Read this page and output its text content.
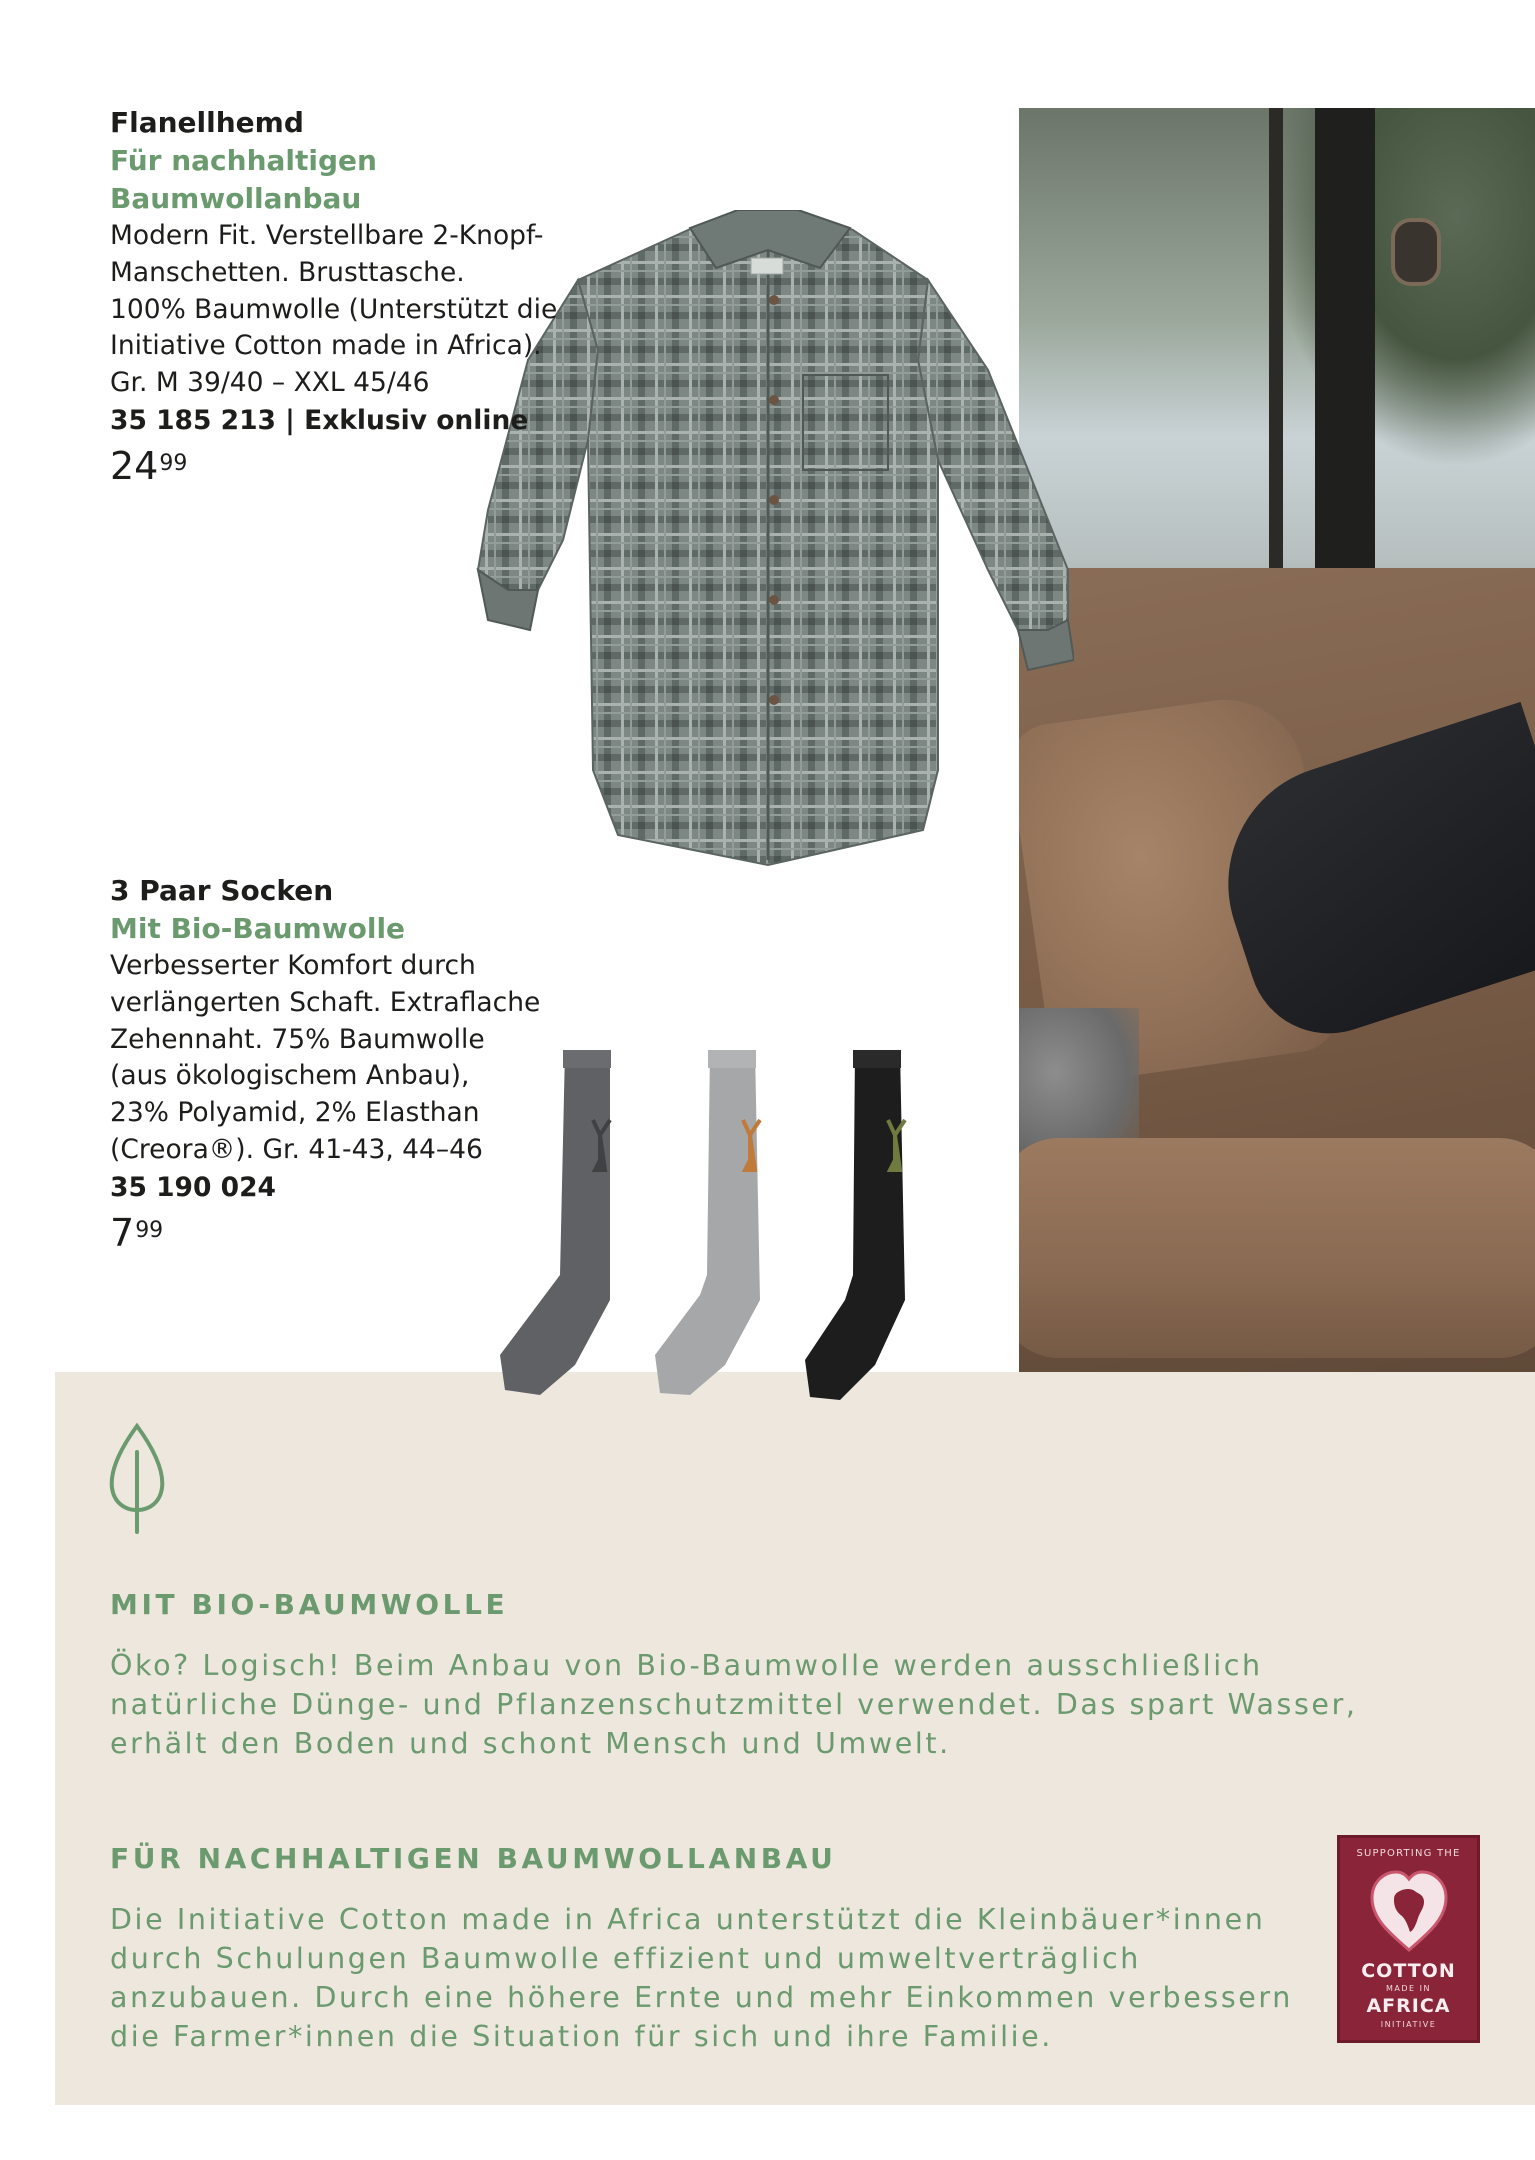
Flanellhemd
Für nachhaltigen Baumwollanbau
Modern Fit. Verstellbare 2-Knopf-
Manschetten. Brusttasche.
100% Baumwolle (Unterstützt die
Initiative Cotton made in Africa).
Gr. M 39/40 – XXL 45/46
35 185 213 | Exklusiv online
$24^{99}$
3 Paar Socken
Mit Bio-Baumwolle
Verbesserter Komfort durch
verlängerten Schaft. Extraflache
Zehennaht. 75% Baumwolle
(aus ökologischem Anbau),
23% Polyamid, 2% Elasthan
(Creora®). Gr. 41-43, 44–46
35 190 024
$7^{99}$
MIT BIO-BAUMWOLLE
Öko? Logisch! Beim Anbau von Bio-Baumwolle werden ausschließlich
natürliche Dünge- und Pflanzenschutzmittel verwendet. Das spart Wasser,
erhält den Boden und schont Mensch und Umwelt.
FÜR NACHHALTIGEN BAUMWOLLANBAU
Die Initiative Cotton made in Africa unterstützt die Kleinbäuer*innen
durch Schulungen Baumwolle effizient und umweltverträglich
anzubauen. Durch eine höhere Ernte und mehr Einkommen verbessern
die Farmer*innen die Situation für sich und ihre Familie.
SUPPORTING THE
COTTON
MADE IN
AFRICA
INITIATIVE
